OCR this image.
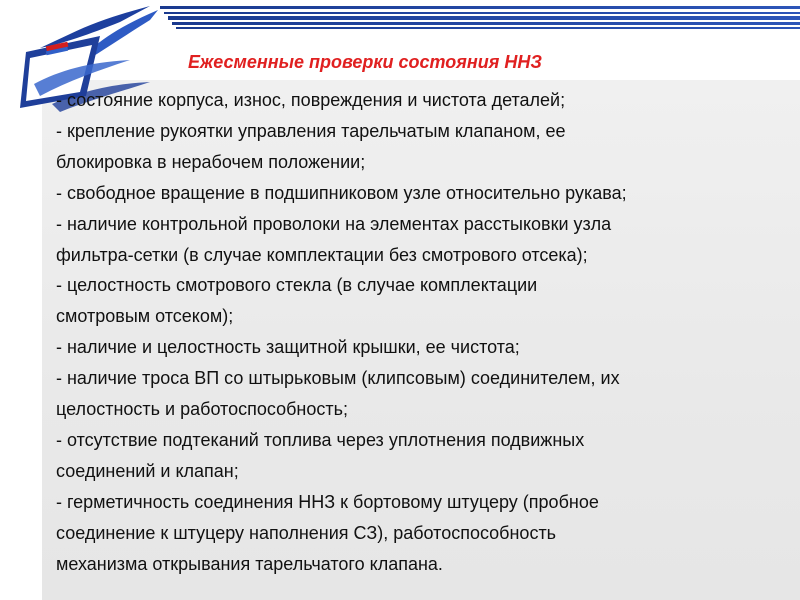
Ежесменные проверки состояния ННЗ
- состояние корпуса, износ, повреждения и чистота деталей;
- крепление рукоятки управления тарельчатым клапаном, ее
блокировка в нерабочем положении;
- свободное вращение в подшипниковом узле относительно рукава;
- наличие контрольной проволоки на элементах расстыковки узла
фильтра-сетки (в случае комплектации без смотрового отсека);
- целостность смотрового стекла (в случае комплектации
смотровым отсеком);
- наличие и целостность защитной крышки, ее чистота;
- наличие троса ВП со штырьковым (клипсовым) соединителем, их
целостность и работоспособность;
- отсутствие подтеканий топлива через уплотнения подвижных
соединений и клапан;
- герметичность соединения ННЗ к бортовому штуцеру (пробное
соединение к штуцеру наполнения СЗ), работоспособность
механизма открывания тарельчатого клапана.
